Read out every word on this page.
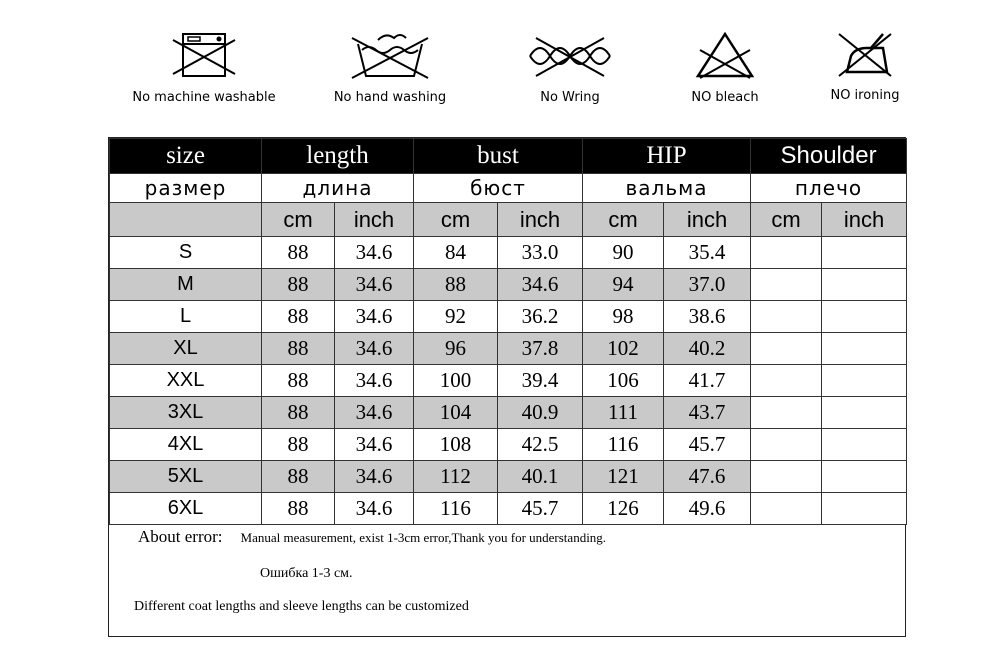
No machine washable	No hand washing	No Wring	NO bleach	NO ironing
size	length		bust		HIP		Shoulder	
размер	длина		бюст		вальма		плечо	
	cm	inch	cm	inch	cm	inch	cm	inch
S	88	34.6	84	33.0	90	35.4		
M	88	34.6	88	34.6	94	37.0		
L	88	34.6	92	36.2	98	38.6		
XL	88	34.6	96	37.8	102	40.2		
XXL	88	34.6	100	39.4	106	41.7		
3XL	88	34.6	104	40.9	111	43.7		
4XL	88	34.6	108	42.5	116	45.7		
5XL	88	34.6	112	40.1	121	47.6		
6XL	88	34.6	116	45.7	126	49.6		
About error: Manual measurement, exist 1-3cm error,Thank you for understanding.
Ошибка 1-3 см.
Different coat lengths and sleeve lengths can be customized
